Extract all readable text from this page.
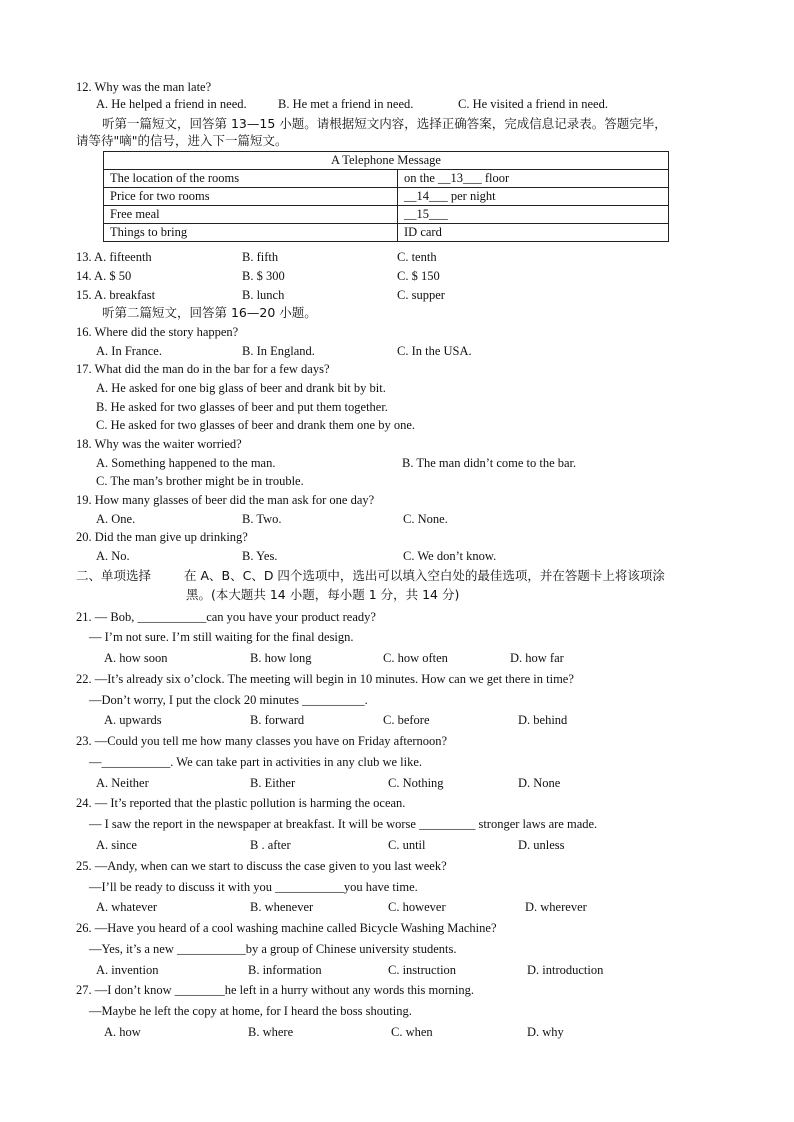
12. Why was the man late?
A. He helped a friend in need.	B. He met a friend in need.	C. He visited a friend in need.
听第一篇短文，回答第 13—15 小题。请根据短文内容，选择正确答案，完成信息记录表。答题完毕，
请等待"嘀"的信号，进入下一篇短文。
A Telephone Message	
The location of the rooms	on the __13___ floor
Price for two rooms	__14___ per night
Free meal	__15___
Things to bring	ID card
13. A. fifteenth	B. fifth	C. tenth
14. A. $ 50	B. $ 300	C. $ 150
15. A. breakfast	B. lunch	C. supper
听第二篇短文，回答第 16—20 小题。
16. Where did the story happen?
A. In France.	B. In England.	C. In the USA.
17. What did the man do in the bar for a few days?
A. He asked for one big glass of beer and drank bit by bit.
B. He asked for two glasses of beer and put them together.
C. He asked for two glasses of beer and drank them one by one.
18. Why was the waiter worried?
A. Something happened to the man.	B. The man didn’t come to the bar.
C. The man’s brother might be in trouble.
19. How many glasses of beer did the man ask for one day?
A. One.	B. Two.	C. None.
20. Did the man give up drinking?
A. No.	B. Yes.	C. We don’t know.
二、单项选择	在 A、B、C、D 四个选项中，选出可以填入空白处的最佳选项，并在答题卡上将该项涂
黑。(本大题共 14 小题，每小题 1 分，共 14 分)
21. — Bob, ___________can you have your product ready?
— I’m not sure. I’m still waiting for the final design.
A. how soon	B. how long	C. how often	D. how far
22. —It’s already six o’clock. The meeting will begin in 10 minutes. How can we get there in time?
—Don’t worry, I put the clock 20 minutes __________.
A. upwards	B. forward	C. before	D. behind
23. —Could you tell me how many classes you have on Friday afternoon?
—___________. We can take part in activities in any club we like.
A. Neither	B. Either	C. Nothing	D. None
24. — It’s reported that the plastic pollution is harming the ocean.
— I saw the report in the newspaper at breakfast. It will be worse _________ stronger laws are made.
A. since	B . after	C. until	D. unless
25. —Andy, when can we start to discuss the case given to you last week?
—I’ll be ready to discuss it with you ___________you have time.
A. whatever	B. whenever	C. however	D. wherever
26. —Have you heard of a cool washing machine called Bicycle Washing Machine?
—Yes, it’s a new ___________by a group of Chinese university students.
A. invention	B. information	C. instruction	D. introduction
27. —I don’t know ________he left in a hurry without any words this morning.
—Maybe he left the copy at home, for I heard the boss shouting.
A. how	B. where	C. when	D. why
